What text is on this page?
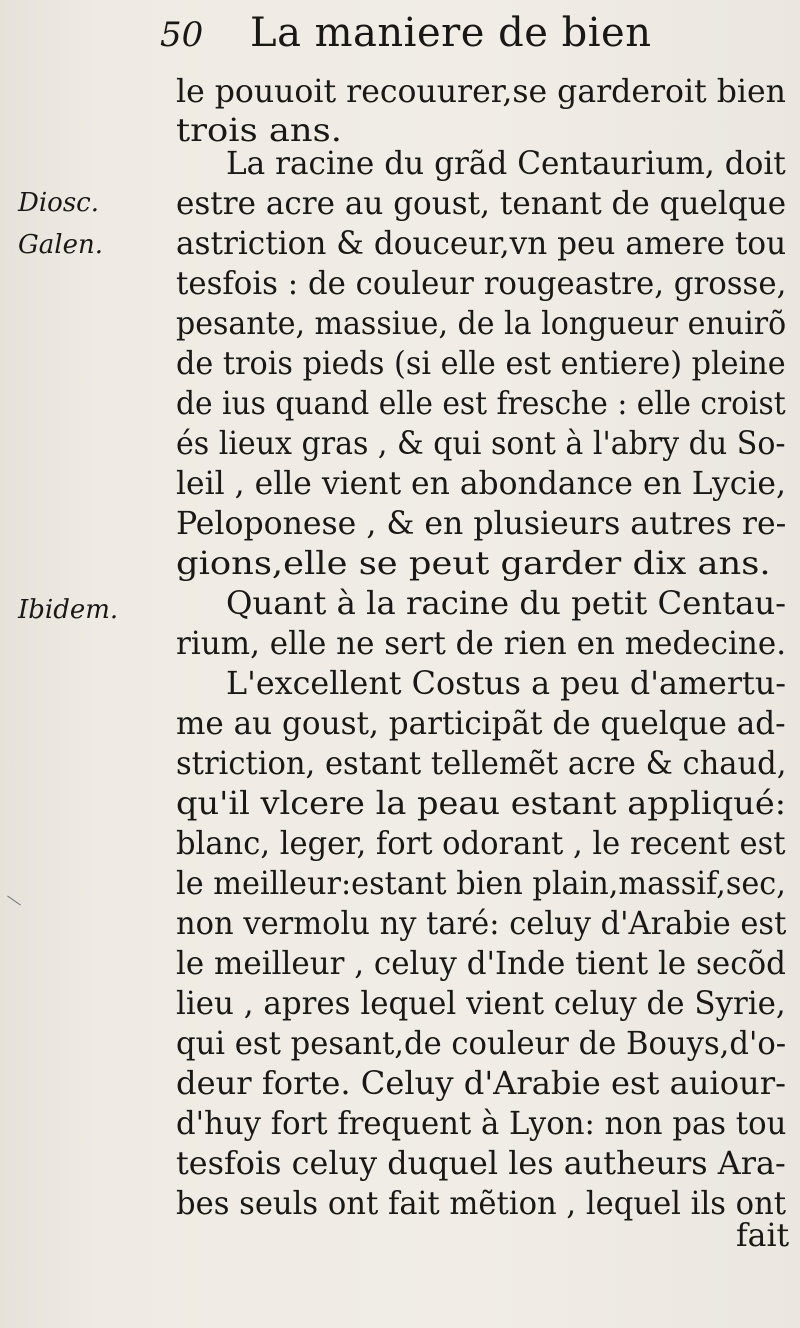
50 La maniere de bien
Diosc.
Galen.
Ibidem.
le pouuoit recouurer,se garderoit bien
trois ans.
La racine du grãd Centaurium, doit
estre acre au goust, tenant de quelque
astriction & douceur,vn peu amere tou
tesfois : de couleur rougeastre, grosse,
pesante, massiue, de la longueur enuirõ
de trois pieds (si elle est entiere) pleine
de ius quand elle est fresche : elle croist
és lieux gras , & qui sont à l'abry du So-
leil , elle vient en abondance en Lycie,
Peloponese , & en plusieurs autres re-
gions,elle se peut garder dix ans.
Quant à la racine du petit Centau-
rium, elle ne sert de rien en medecine.
L'excellent Costus a peu d'amertu-
me au goust, participãt de quelque ad-
striction, estant tellemẽt acre & chaud,
qu'il vlcere la peau estant appliqué:
blanc, leger, fort odorant , le recent est
le meilleur:estant bien plain,massif,sec,
non vermolu ny taré: celuy d'Arabie est
le meilleur , celuy d'Inde tient le secõd
lieu , apres lequel vient celuy de Syrie,
qui est pesant,de couleur de Bouys,d'o-
deur forte. Celuy d'Arabie est auiour-
d'huy fort frequent à Lyon: non pas tou
tesfois celuy duquel les autheurs Ara-
bes seuls ont fait mẽtion , lequel ils ont
fait
